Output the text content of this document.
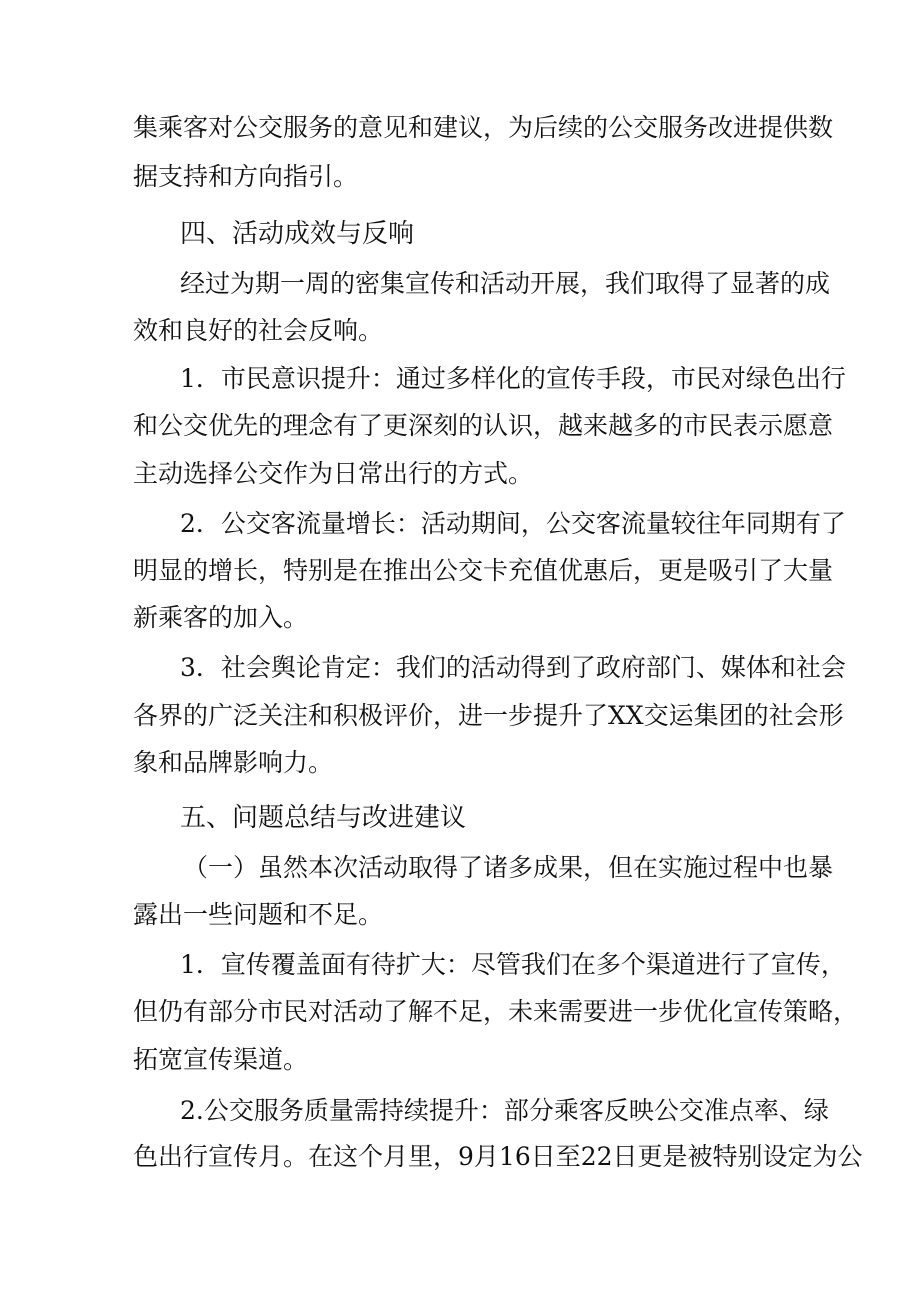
集乘客对公交服务的意见和建议，为后续的公交服务改进提供数
据支持和方向指引。
四、活动成效与反响
经过为期一周的密集宣传和活动开展，我们取得了显著的成
效和良好的社会反响。
1．市民意识提升：通过多样化的宣传手段，市民对绿色出行
和公交优先的理念有了更深刻的认识，越来越多的市民表示愿意
主动选择公交作为日常出行的方式。
2．公交客流量增长：活动期间，公交客流量较往年同期有了
明显的增长，特别是在推出公交卡充值优惠后，更是吸引了大量
新乘客的加入。
3．社会舆论肯定：我们的活动得到了政府部门、媒体和社会
各界的广泛关注和积极评价，进一步提升了XX交运集团的社会形
象和品牌影响力。
五、问题总结与改进建议
（一）虽然本次活动取得了诸多成果，但在实施过程中也暴
露出一些问题和不足。
1．宣传覆盖面有待扩大：尽管我们在多个渠道进行了宣传，
但仍有部分市民对活动了解不足，未来需要进一步优化宣传策略，
拓宽宣传渠道。
2.公交服务质量需持续提升：部分乘客反映公交准点率、绿
色出行宣传月。在这个月里，9月16日至22日更是被特别设定为公
